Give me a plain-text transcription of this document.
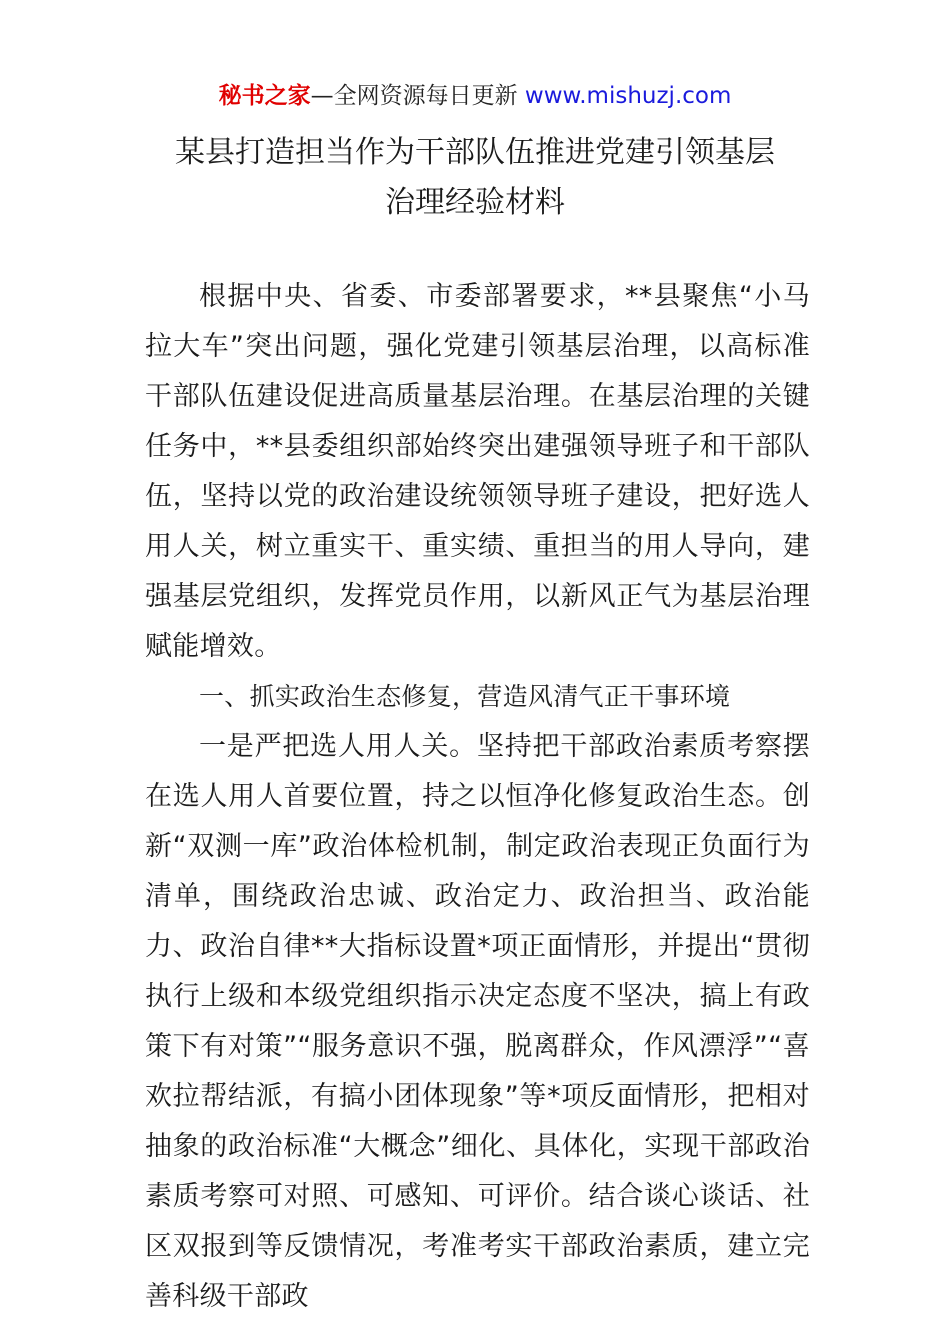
秘书之家—全网资源每日更新 www.mishuzj.com
某县打造担当作为干部队伍推进党建引领基层
治理经验材料

根据中央、省委、市委部署要求，**县聚焦“小马拉大车”突出问题，强化党建引领基层治理，以高标准干部队伍建设促进高质量基层治理。在基层治理的关键任务中，**县委组织部始终突出建强领导班子和干部队伍，坚持以党的政治建设统领领导班子建设，把好选人用人关，树立重实干、重实绩、重担当的用人导向，建强基层党组织，发挥党员作用，以新风正气为基层治理赋能增效。

一、抓实政治生态修复，营造风清气正干事环境

一是严把选人用人关。坚持把干部政治素质考察摆在选人用人首要位置，持之以恒净化修复政治生态。创新“双测一库”政治体检机制，制定政治表现正负面行为清单，围绕政治忠诚、政治定力、政治担当、政治能力、政治自律**大指标设置*项正面情形，并提出“贯彻执行上级和本级党组织指示决定态度不坚决，搞上有政策下有对策”“服务意识不强，脱离群众，作风漂浮”“喜欢拉帮结派，有搞小团体现象”等*项反面情形，把相对抽象的政治标准“大概念”细化、具体化，实现干部政治素质考察可对照、可感知、可评价。结合谈心谈话、社区双报到等反馈情况，考准考实干部政治素质，建立完善科级干部政
